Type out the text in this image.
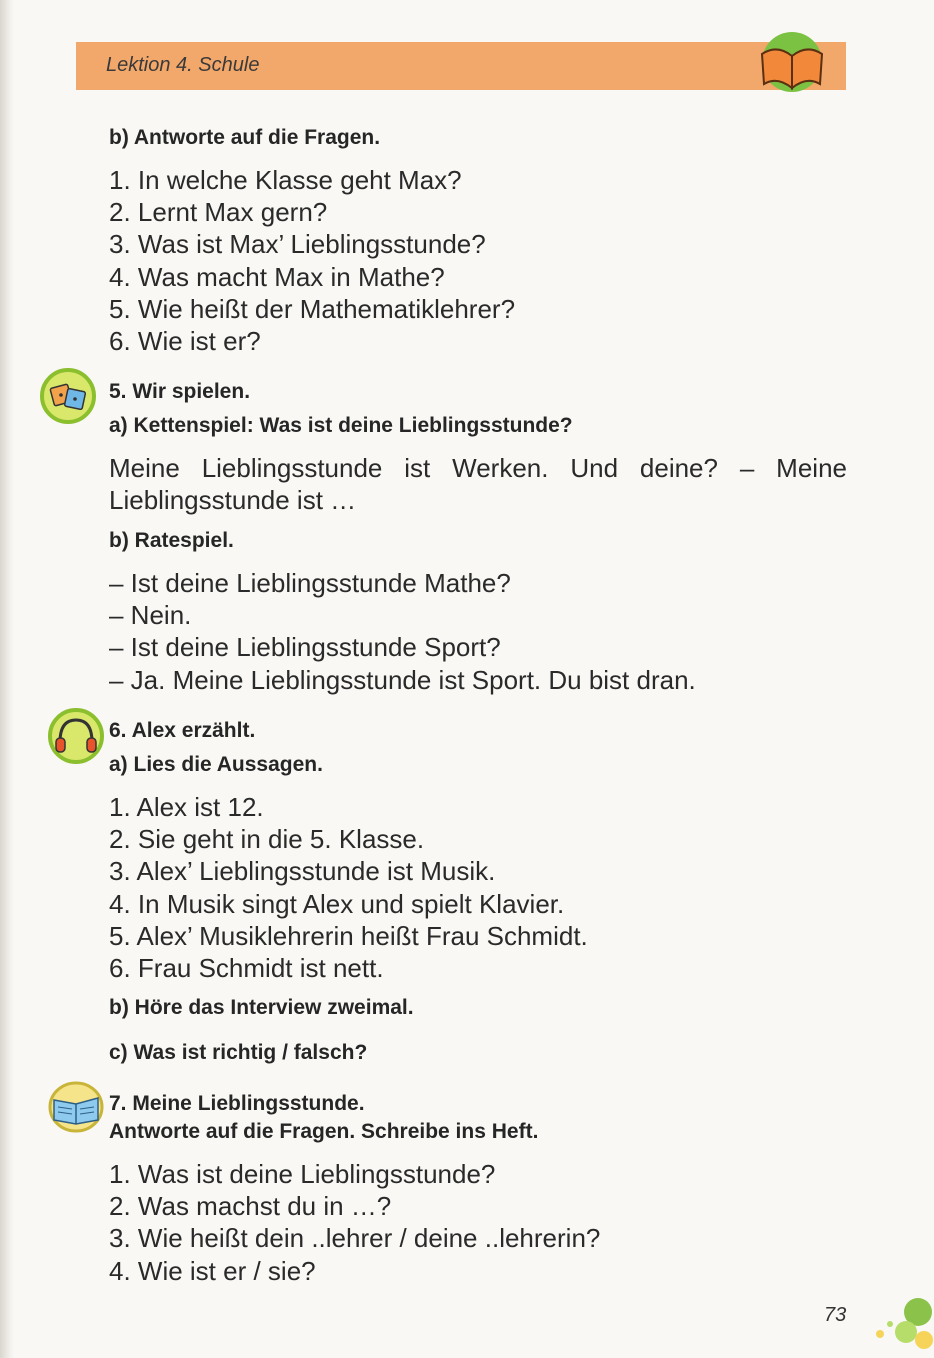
Lektion 4. Schule
b) Antworte auf die Fragen.
1. In welche Klasse geht Max?
2. Lernt Max gern?
3. Was ist Max’ Lieblingsstunde?
4. Was macht Max in Mathe?
5. Wie heißt der Mathematiklehrer?
6. Wie ist er?
5. Wir spielen.
a) Kettenspiel: Was ist deine Lieblingsstunde?

Meine Lieblingsstunde ist Werken. Und deine? – Meine Lieblingsstunde ist …

b) Ratespiel.
– Ist deine Lieblingsstunde Mathe?
– Nein.
– Ist deine Lieblingsstunde Sport?
– Ja. Meine Lieblingsstunde ist Sport. Du bist dran.
6. Alex erzählt.
a) Lies die Aussagen.
1. Alex ist 12.
2. Sie geht in die 5. Klasse.
3. Alex’ Lieblingsstunde ist Musik.
4. In Musik singt Alex und spielt Klavier.
5. Alex’ Musiklehrerin heißt Frau Schmidt.
6. Frau Schmidt ist nett.
b) Höre das Interview zweimal.
c) Was ist richtig / falsch?
7. Meine Lieblingsstunde.
Antworte auf die Fragen. Schreibe ins Heft.
1. Was ist deine Lieblingsstunde?
2. Was machst du in …?
3. Wie heißt dein ..lehrer / deine ..lehrerin?
4. Wie ist er / sie?
73
